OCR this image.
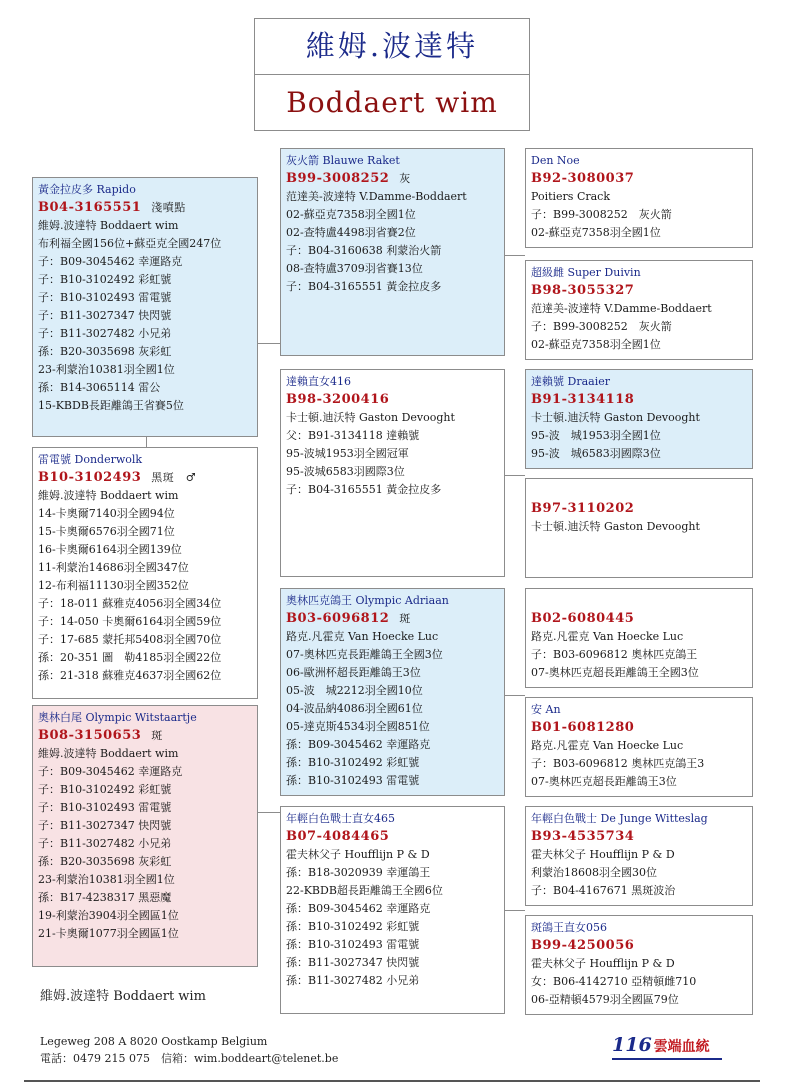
維姆.波達特
Boddaert wim
黃金拉皮多 Rapido
B04-3165551 淺噴點
維姆.波達特 Boddaert wim
布利福全國156位+蘇亞克全國247位
子：B09-3045462 幸運路克
子：B10-3102492 彩虹號
子：B10-3102493 雷電號
子：B11-3027347 快閃號
子：B11-3027482 小兄弟
孫：B20-3035698 灰彩虹
23-利蒙治10381羽全國1位
孫：B14-3065114 雷公
15-KBDB長距離鴿王省賽5位
雷電號 Donderwolk
B10-3102493 黑斑　♂
維姆.波達特 Boddaert wim
14-卡奧爾7140羽全國94位
15-卡奧爾6576羽全國71位
16-卡奧爾6164羽全國139位
11-利蒙治14686羽全國347位
12-布利福11130羽全國352位
子：18-011 蘇雅克4056羽全國34位
子：14-050 卡奧爾6164羽全國59位
子：17-685 蒙托邦5408羽全國70位
孫：20-351 圖　勒4185羽全國22位
孫：21-318 蘇雅克4637羽全國62位
奧林白尾 Olympic Witstaartje
B08-3150653 斑
維姆.波達特 Boddaert wim
子：B09-3045462 幸運路克
子：B10-3102492 彩虹號
子：B10-3102493 雷電號
子：B11-3027347 快閃號
子：B11-3027482 小兄弟
孫：B20-3035698 灰彩虹
23-利蒙治10381羽全國1位
孫：B17-4238317 黑惡魔
19-利蒙治3904羽全國區1位
21-卡奧爾1077羽全國區1位
灰火箭 Blauwe Raket
B99-3008252 灰
范達美-波達特 V.Damme-Boddaert
02-蘇亞克7358羽全國1位
02-查特盧4498羽省賽2位
子：B04-3160638 利蒙治火箭
08-查特盧3709羽省賽13位
子：B04-3165551 黃金拉皮多
達賴直女416
B98-3200416
卡士頓.迪沃特 Gaston Devooght
父：B91-3134118 達賴號
95-波城1953羽全國冠軍
95-波城6583羽國際3位
子：B04-3165551 黃金拉皮多
奧林匹克鴿王 Olympic Adriaan
B03-6096812 斑
路克.凡霍克 Van Hoecke Luc
07-奧林匹克長距離鴿王全國3位
06-歐洲杯超長距離鴿王3位
05-波　城2212羽全國10位
04-波品納4086羽全國61位
05-達克斯4534羽全國851位
孫：B09-3045462 幸運路克
孫：B10-3102492 彩虹號
孫：B10-3102493 雷電號
年輕白色戰士直女465
B07-4084465
霍夫林父子 Houfflijn P & D
孫：B18-3020939 幸運鴿王
22-KBDB超長距離鴿王全國6位
孫：B09-3045462 幸運路克
孫：B10-3102492 彩虹號
孫：B10-3102493 雷電號
孫：B11-3027347 快閃號
孫：B11-3027482 小兄弟
Den Noe
B92-3080037
Poitiers Crack
子：B99-3008252　灰火箭
02-蘇亞克7358羽全國1位
超級雌 Super Duivin
B98-3055327
范達美-波達特 V.Damme-Boddaert
子：B99-3008252　灰火箭
02-蘇亞克7358羽全國1位
達賴號 Draaier
B91-3134118
卡士頓.迪沃特 Gaston Devooght
95-波　城1953羽全國1位
95-波　城6583羽國際3位
B97-3110202
卡士頓.迪沃特 Gaston Devooght
B02-6080445
路克.凡霍克 Van Hoecke Luc
子：B03-6096812 奧林匹克鴿王
07-奧林匹克超長距離鴿王全國3位
安 An
B01-6081280
路克.凡霍克 Van Hoecke Luc
子：B03-6096812 奧林匹克鴿王3
07-奧林匹克超長距離鴿王3位
年輕白色戰士 De Junge Witteslag
B93-4535734
霍夫林父子 Houfflijn P & D
利蒙治18608羽全國30位
子：B04-4167671 黑斑波治
斑鴿王直女056
B99-4250056
霍夫林父子 Houfflijn P & D
女：B06-4142710 亞精頓雌710
06-亞精頓4579羽全國區79位
維姆.波達特 Boddaert wim
Legeweg 208 A 8020 Oostkamp Belgium
電話：0479 215 075　信箱：wim.boddeart@telenet.be
116 雲端血統
